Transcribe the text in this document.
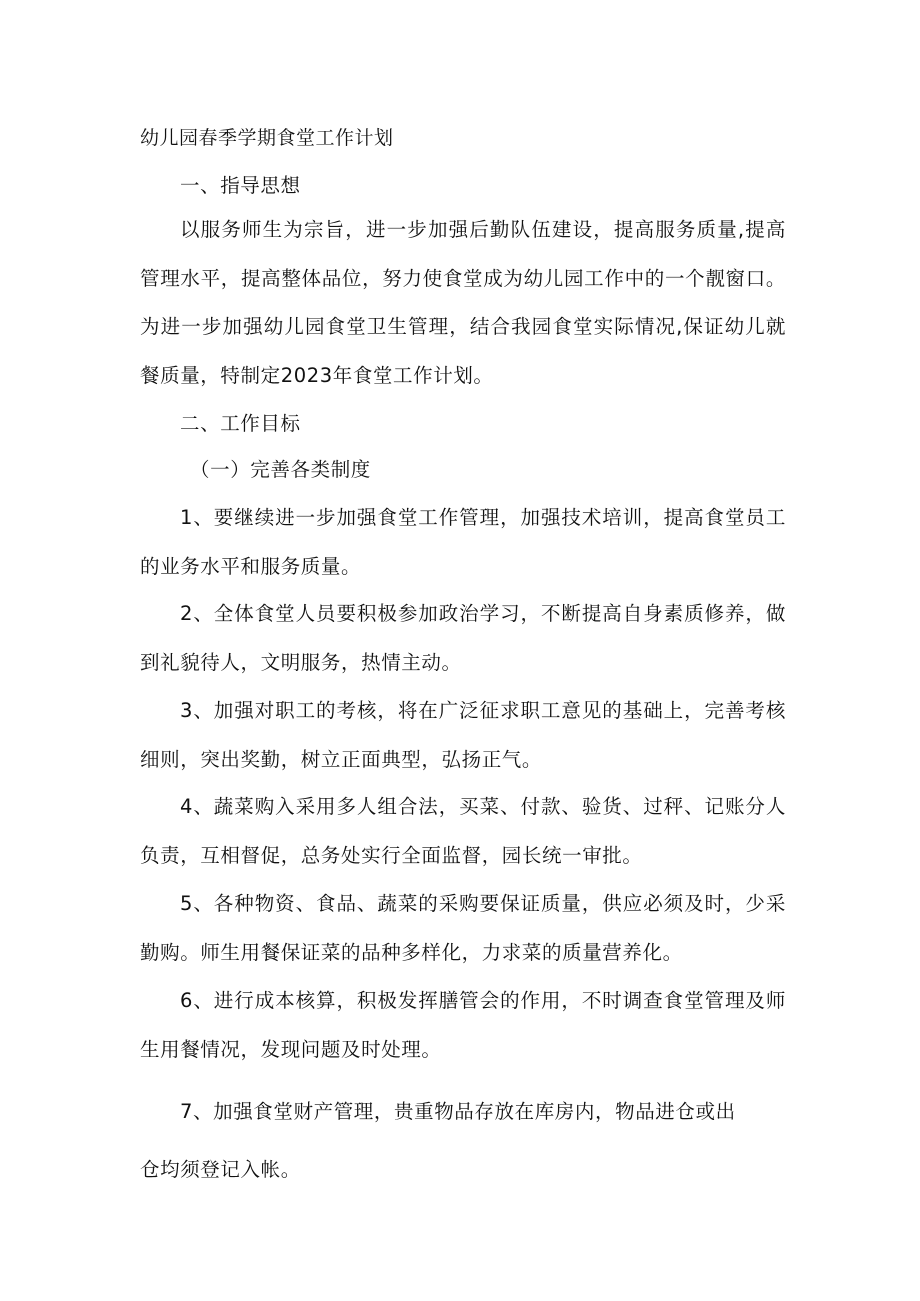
幼儿园春季学期食堂工作计划
一、指导思想

以服务师生为宗旨，进一步加强后勤队伍建设，提高服务质量,提高管理水平，提高整体品位，努力使食堂成为幼儿园工作中的一个靓窗口。为进一步加强幼儿园食堂卫生管理，结合我园食堂实际情况,保证幼儿就餐质量，特制定2023年食堂工作计划。

二、工作目标
（一）完善各类制度

1、要继续进一步加强食堂工作管理，加强技术培训，提高食堂员工的业务水平和服务质量。

2、全体食堂人员要积极参加政治学习，不断提高自身素质修养，做到礼貌待人，文明服务，热情主动。

3、加强对职工的考核，将在广泛征求职工意见的基础上，完善考核细则，突出奖勤，树立正面典型，弘扬正气。

4、蔬菜购入采用多人组合法，买菜、付款、验货、过秤、记账分人负责，互相督促，总务处实行全面监督，园长统一审批。

5、各种物资、食品、蔬菜的采购要保证质量，供应必须及时，少采勤购。师生用餐保证菜的品种多样化，力求菜的质量营养化。

6、进行成本核算，积极发挥膳管会的作用，不时调查食堂管理及师生用餐情况，发现问题及时处理。

7、加强食堂财产管理，贵重物品存放在库房内，物品进仓或出

仓均须登记入帐。
